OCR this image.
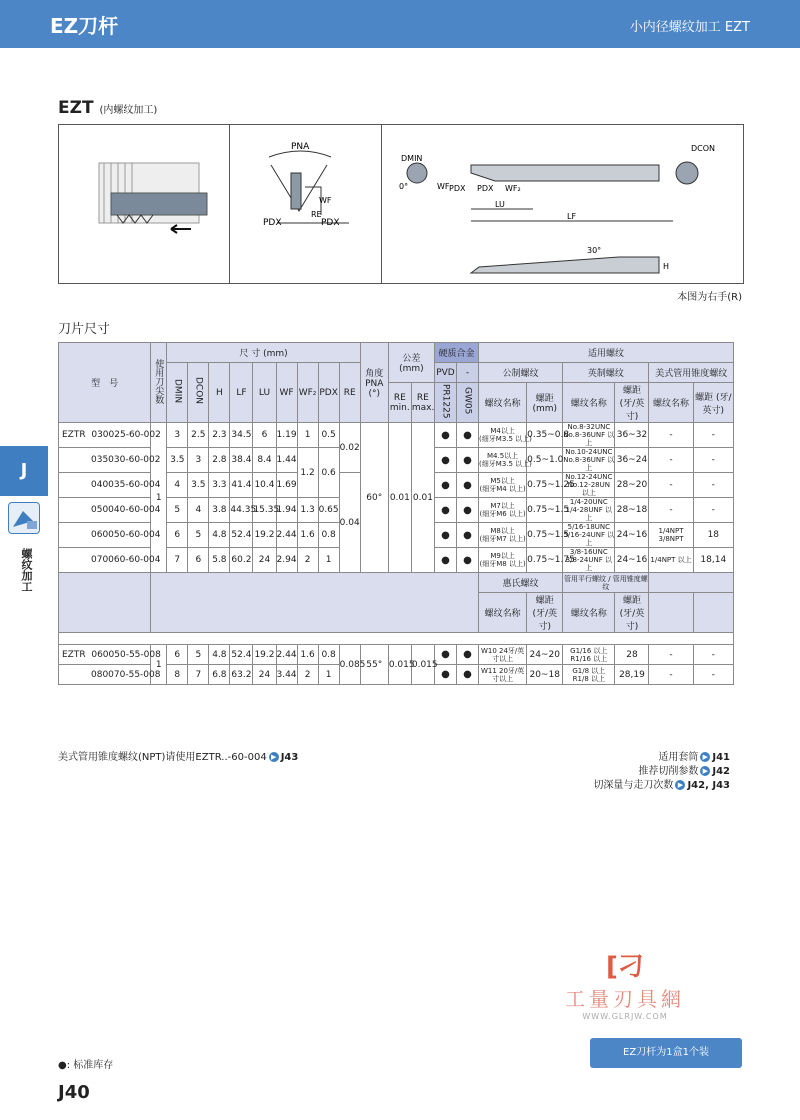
EZ刀杆	小内径螺纹加工 EZT
J
螺纹加工
EZT (内螺纹加工)
PNA
PDX
RE
WF
PDX
DMIN
0°
DCON
WF PDX PDX WF₂
LU
LF
30°
H
本图为右手(R)
刀片尺寸
型　号	使用刀尖数	尺 寸 (mm)									角度 PNA (°)	公差 (mm)		硬质合金		适用螺纹					
		DMIN	DCON	H	LF	LU	WF	WF₂	PDX	RE				PVD	-	公制螺纹		英制螺纹		美式管用锥度螺纹	
												RE min.	RE max.	PR1225	GW05	螺纹名称	螺距 (mm)	螺纹名称	螺距 (牙/英寸)	螺纹名称	螺距 (牙/英寸)

EZTR 030025-60-002	1	3	2.5	2.3	34.5	6	1.19	1	0.5	0.02	60°	0.01	0.01	●	●	M4以上
(细牙M3.5 以上)	0.35~0.8	No.8-32UNC No.8-36UNF 以上	36~32	-	-
035030-60-002		3.5	3	2.8	38.4	8.4	1.44	1.2	0.6					●	●	M4.5以上
(细牙M3.5 以上)	0.5~1.0	No.10-24UNC No.8-36UNF 以上	36~24	-	-
040035-60-004		4	3.5	3.3	41.4	10.4	1.69			0.04				●	●	M5以上
(细牙M4 以上)	0.75~1.25	No.12-24UNC No.12-28UN 以上	28~20	-	-
050040-60-004		5	4	3.8	44.35	15.35	1.94	1.3	0.65					●	●	M7以上
(细牙M6 以上)	0.75~1.5	1/4-20UNC 1/4-28UNF 以上	28~18	-	-
060050-60-004		6	5	4.8	52.4	19.2	2.44	1.6	0.8					●	●	M8以上
(细牙M7 以上)	0.75~1.5	5/16-18UNC 5/16-24UNF 以上	24~16	1/4NPT 3/8NPT	18
070060-60-004		7	6	5.8	60.2	24	2.94	2	1					●	●	M9以上
(细牙M8 以上)	0.75~1.75	3/8-16UNC 3/8-24UNF 以上	24~16	1/4NPT 以上	18,14
																惠氏螺纹		管用平行螺纹 / 管用锥度螺纹			
																螺纹名称	螺距 (牙/英寸)	螺纹名称	螺距 (牙/英寸)		

EZTR 060050-55-008	1	6	5	4.8	52.4	19.2	2.44	1.6	0.8	0.085	55°	0.015	0.015	●	●	W10 24牙/英寸以上	24~20	G1/16 以上 R1/16 以上	28	-	-
080070-55-008		8	7	6.8	63.2	24	3.44	2	1					●	●	W11 20牙/英寸以上	20~18	G1/8 以上 R1/8 以上	28,19	-	-
美式管用锥度螺纹(NPT)请使用EZTR..-60-004 ▶ J43	适用套筒 ▶ J41
推荐切削参数 ▶ J42
切深量与走刀次数 ▶ J42, J43
[刁
工量刃具網
WWW.GLRJW.COM
●: 标准库存
EZ刀杆为1盒1个装
J40
